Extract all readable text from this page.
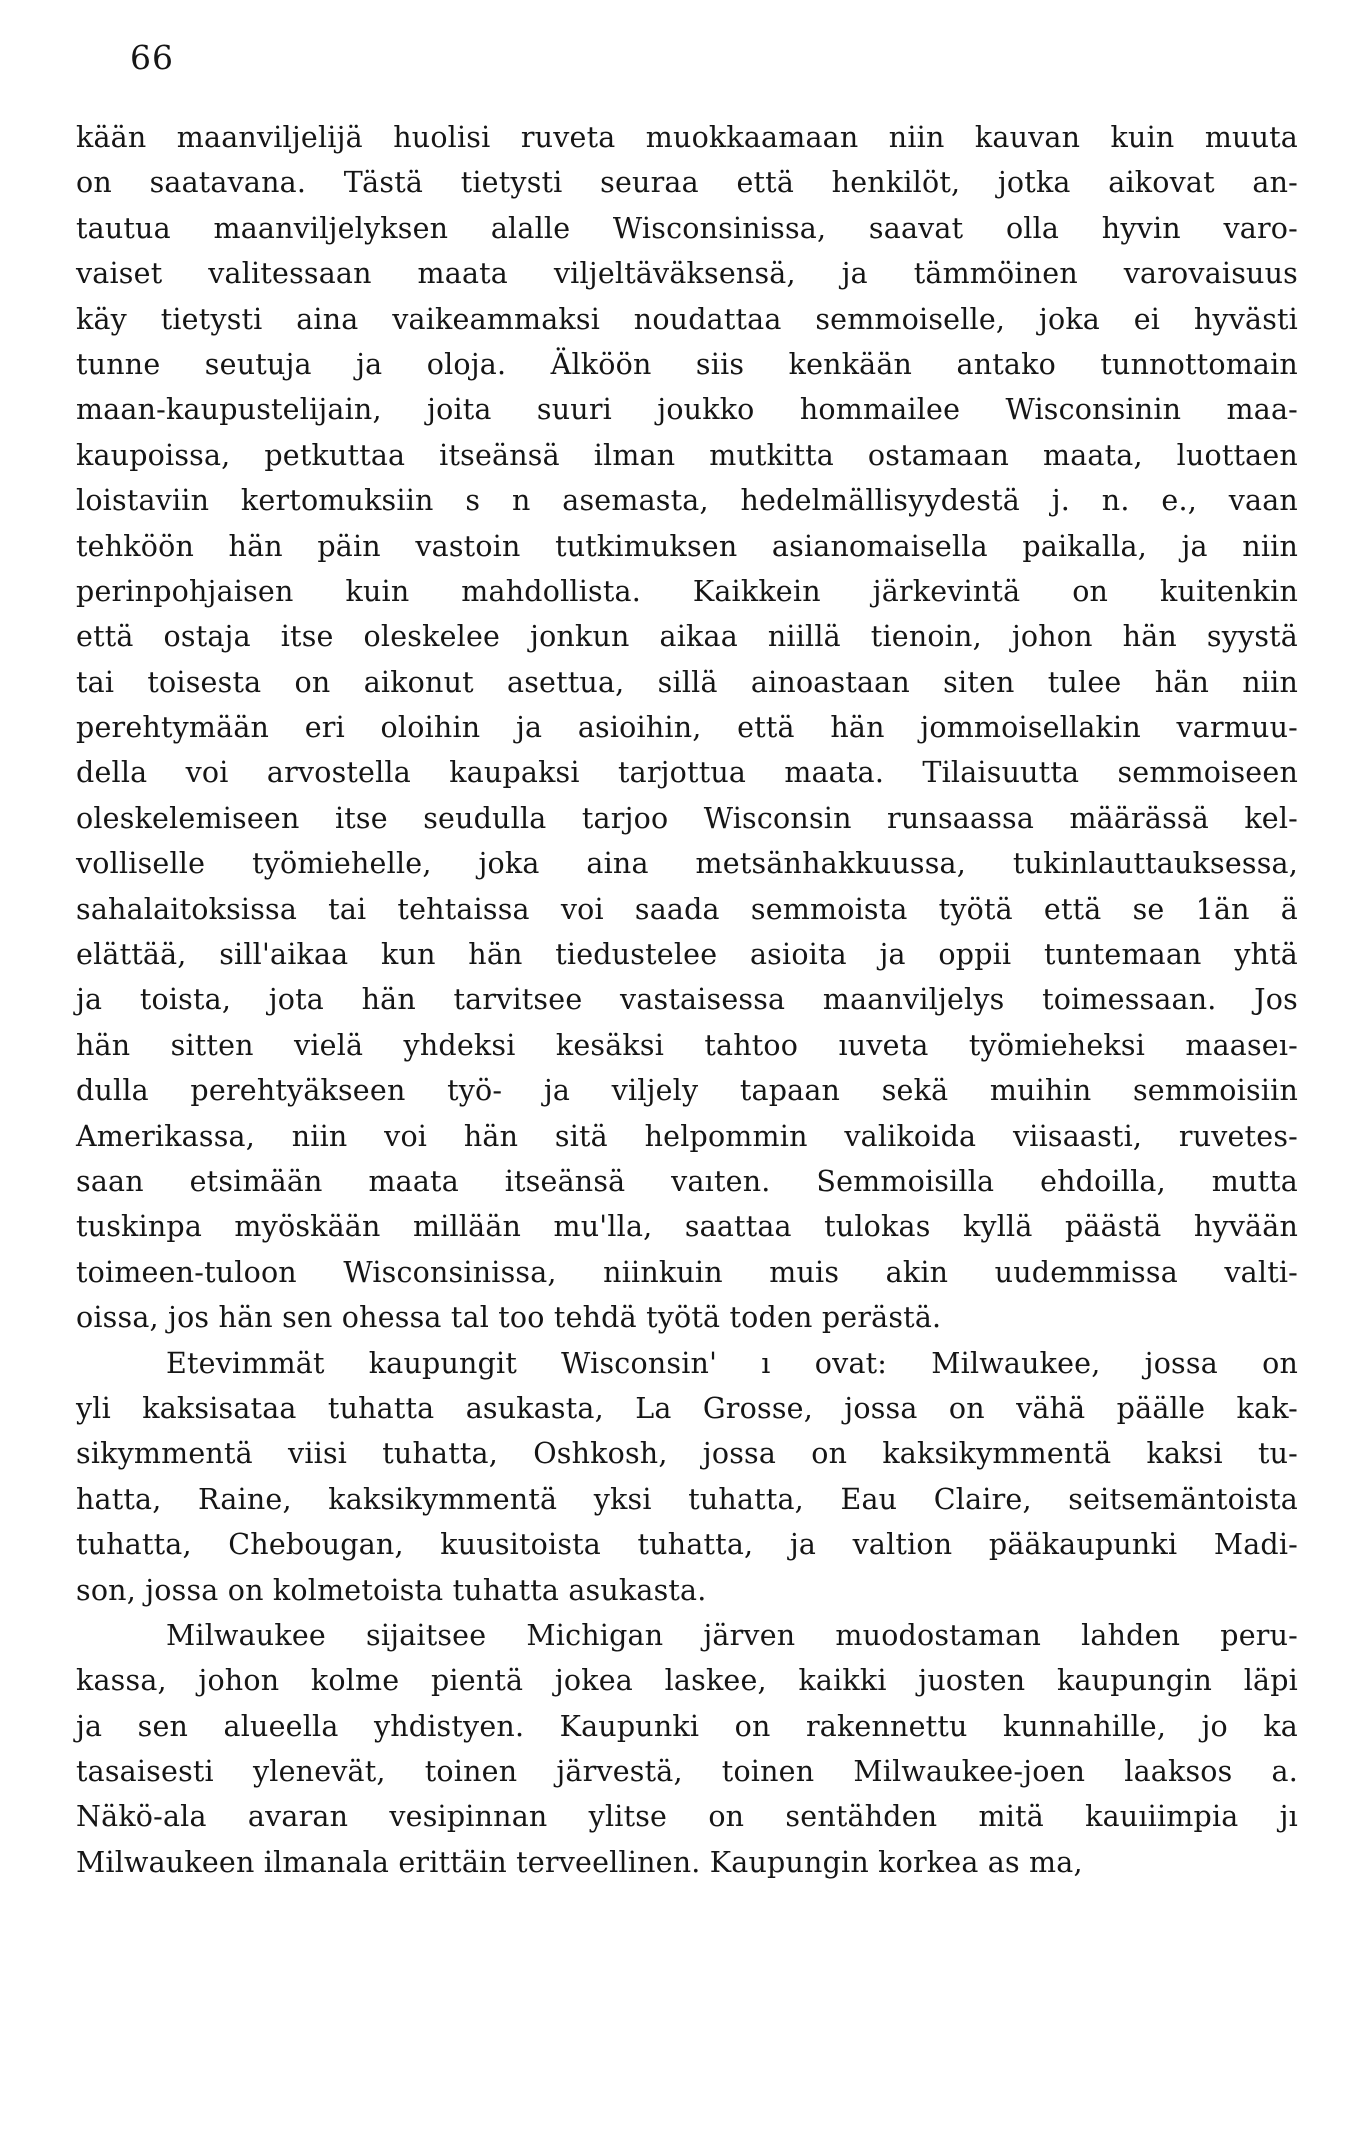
66
kään maanviljelijä huolisi ruveta muokkaamaan niin kauvan kuin muuta
on saatavana. Tästä tietysti seuraa että henkilöt, jotka aikovat an-
tautua maanviljelyksen alalle Wisconsinissa, saavat olla hyvin varo-
vaiset valitessaan maata viljeltäväksensä, ja tämmöinen varovaisuus
käy tietysti aina vaikeammaksi noudattaa semmoiselle, joka ei hyvästi
tunne seutuja ja oloja. Älköön siis kenkään antako tunnottomain
maan-kaupustelijain, joita suuri joukko hommailee Wisconsinin maa-
kaupoissa, petkuttaa itseänsä ilman mutkitta ostamaan maata, luottaen
loistaviin kertomuksiin s n asemasta, hedelmällisyydestä j. n. e., vaan
tehköön hän päin vastoin tutkimuksen asianomaisella paikalla, ja niin
perinpohjaisen kuin mahdollista. Kaikkein järkevintä on kuitenkin
että ostaja itse oleskelee jonkun aikaa niillä tienoin, johon hän syystä
tai toisesta on aikonut asettua, sillä ainoastaan siten tulee hän niin
perehtymään eri oloihin ja asioihin, että hän jommoisellakin varmuu-
della voi arvostella kaupaksi tarjottua maata. Tilaisuutta semmoiseen
oleskelemiseen itse seudulla tarjoo Wisconsin runsaassa määrässä kel-
volliselle työmiehelle, joka aina metsänhakkuussa, tukinlauttauksessa,
sahalaitoksissa tai tehtaissa voi saada semmoista työtä että se 1än ä
elättää, sill'aikaa kun hän tiedustelee asioita ja oppii tuntemaan yhtä
ja toista, jota hän tarvitsee vastaisessa maanviljelys toimessaan. Jos
hän sitten vielä yhdeksi kesäksi tahtoo ıuveta työmieheksi maaseı-
dulla perehtyäkseen työ- ja viljely tapaan sekä muihin semmoisiin
Amerikassa, niin voi hän sitä helpommin valikoida viisaasti, ruvetes-
saan etsimään maata itseänsä vaıten. Semmoisilla ehdoilla, mutta
tuskinpa myöskään millään mu'lla, saattaa tulokas kyllä päästä hyvään
toimeen-tuloon Wisconsinissa, niinkuin muis akin uudemmissa valti-
oissa, jos hän sen ohessa tal too tehdä työtä toden perästä.
Etevimmät kaupungit Wisconsin' ı ovat: Milwaukee, jossa on
yli kaksisataa tuhatta asukasta, La Grosse, jossa on vähä päälle kak-
sikymmentä viisi tuhatta, Oshkosh, jossa on kaksikymmentä kaksi tu-
hatta, Raine, kaksikymmentä yksi tuhatta, Eau Claire, seitsemäntoista
tuhatta, Chebougan, kuusitoista tuhatta, ja valtion pääkaupunki Madi-
son, jossa on kolmetoista tuhatta asukasta.
Milwaukee sijaitsee Michigan järven muodostaman lahden peru-
kassa, johon kolme pientä jokea laskee, kaikki juosten kaupungin läpi
ja sen alueella yhdistyen. Kaupunki on rakennettu kunnahille, jo ka
tasaisesti ylenevät, toinen järvestä, toinen Milwaukee-joen laaksos a.
Näkö-ala avaran vesipinnan ylitse on sentähden mitä kauıiimpia jı
Milwaukeen ilmanala erittäin terveellinen. Kaupungin korkea as ma,
